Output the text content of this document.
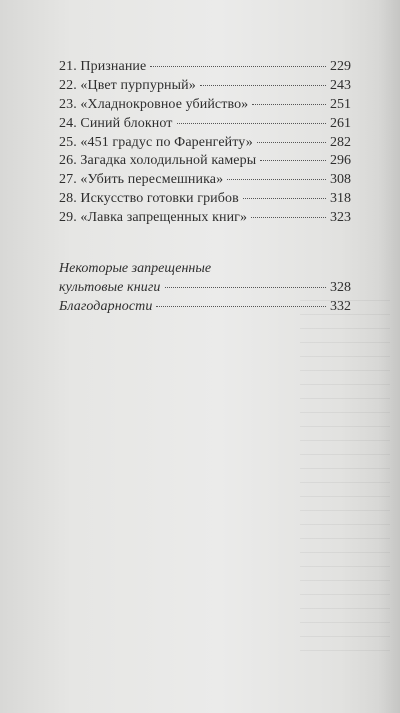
21. Признание	229
22. «Цвет пурпурный»	243
23. «Хладнокровное убийство»	251
24. Синий блокнот	261
25. «451 градус по Фаренгейту»	282
26. Загадка холодильной камеры	296
27. «Убить пересмешника»	308
28. Искусство готовки грибов	318
29. «Лавка запрещенных книг»	323
Некоторые запрещенные
культовые книги	328
Благодарности	332
